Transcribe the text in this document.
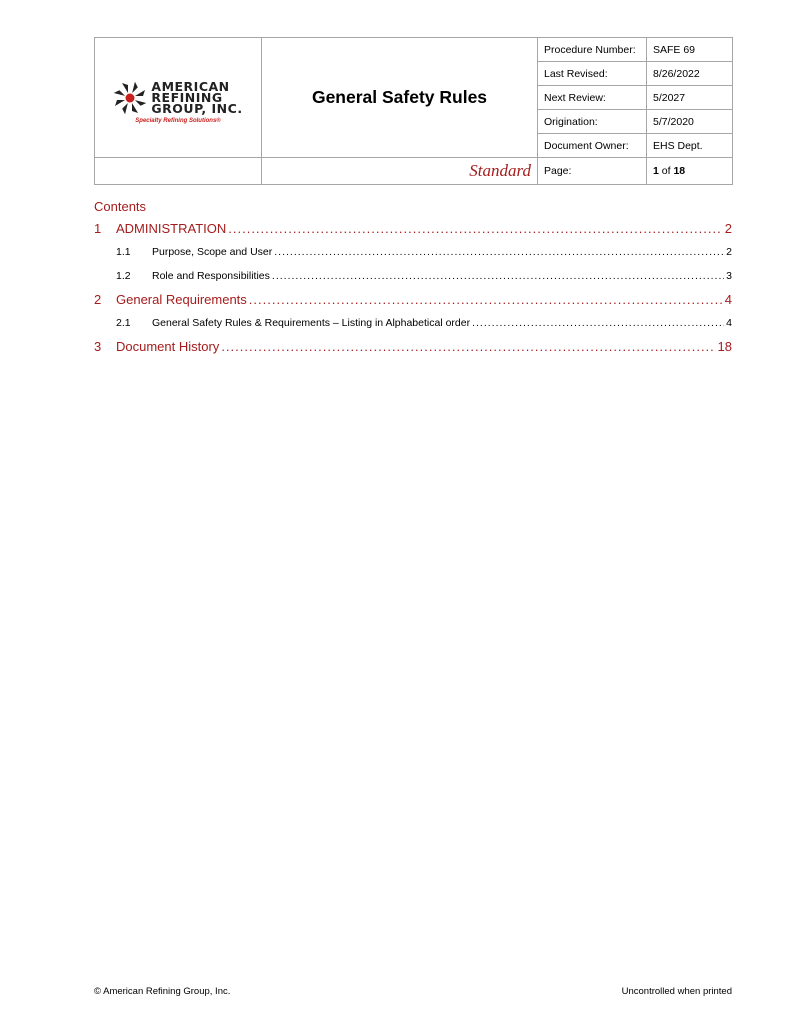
AMERICAN
REFINING
GROUP, INC.
Specialty Refining Solutions®	General Safety Rules	Procedure Number:	SAFE 69
		Last Revised:	8/26/2022
		Next Review:	5/2027
		Origination:	5/7/2020
		Document Owner:	EHS Dept.
	Standard	Page:	1 of 18
Contents
1	ADMINISTRATION .....	2
1.1	Purpose, Scope and User .....	2
1.2	Role and Responsibilities .....	3
2	General Requirements .....	4
2.1	General Safety Rules & Requirements – Listing in Alphabetical order .....	4
3	Document History .....	18
© American Refining Group, Inc.	Uncontrolled when printed
